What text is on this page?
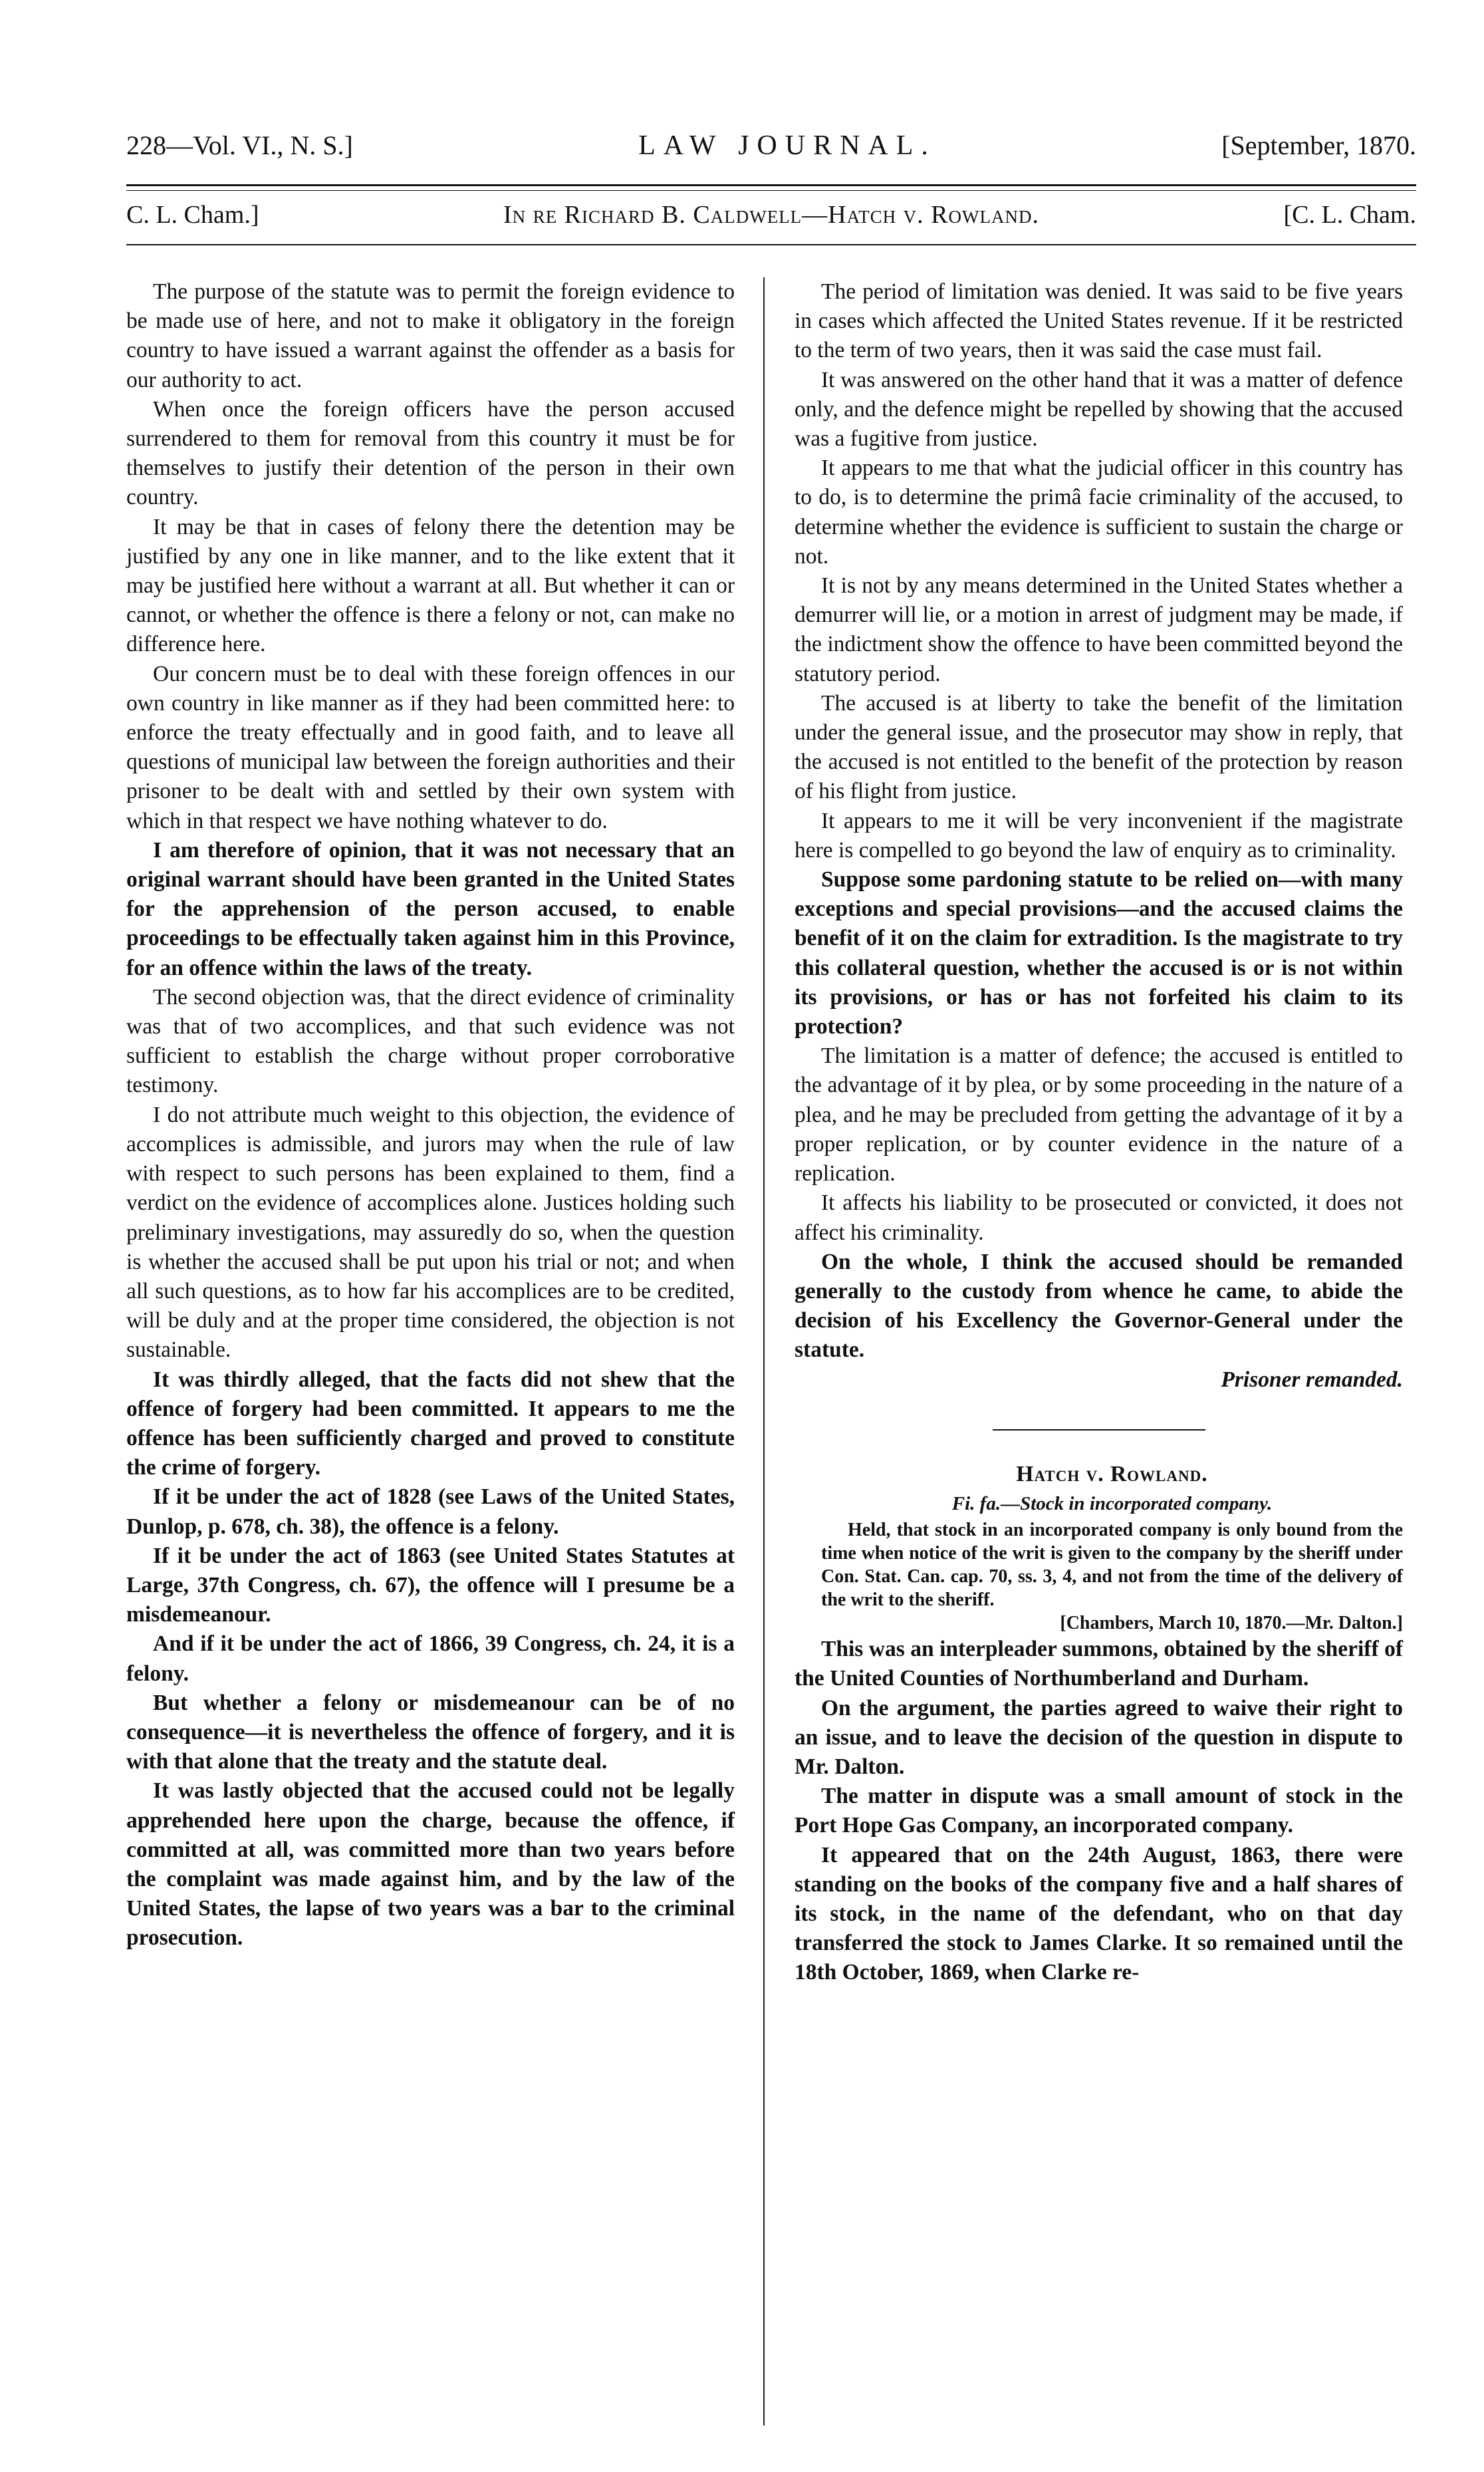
228—Vol. VI., N. S.]	LAW JOURNAL.	[September, 1870.
C. L. Cham.]	In re Richard B. Caldwell—Hatch v. Rowland.	[C. L. Cham.

The purpose of the statute was to permit the foreign evidence to be made use of here, and not to make it obligatory in the foreign country to have issued a warrant against the offender as a basis for our authority to act.

When once the foreign officers have the person accused surrendered to them for removal from this country it must be for themselves to justify their detention of the person in their own country.

It may be that in cases of felony there the detention may be justified by any one in like manner, and to the like extent that it may be justified here without a warrant at all. But whether it can or cannot, or whether the offence is there a felony or not, can make no difference here.

Our concern must be to deal with these foreign offences in our own country in like manner as if they had been committed here: to enforce the treaty effectually and in good faith, and to leave all questions of municipal law between the foreign authorities and their prisoner to be dealt with and settled by their own system with which in that respect we have nothing whatever to do.

I am therefore of opinion, that it was not necessary that an original warrant should have been granted in the United States for the apprehension of the person accused, to enable proceedings to be effectually taken against him in this Province, for an offence within the laws of the treaty.

The second objection was, that the direct evidence of criminality was that of two accomplices, and that such evidence was not sufficient to establish the charge without proper corroborative testimony.

I do not attribute much weight to this objection, the evidence of accomplices is admissible, and jurors may when the rule of law with respect to such persons has been explained to them, find a verdict on the evidence of accomplices alone. Justices holding such preliminary investigations, may assuredly do so, when the question is whether the accused shall be put upon his trial or not; and when all such questions, as to how far his accomplices are to be credited, will be duly and at the proper time considered, the objection is not sustainable.

It was thirdly alleged, that the facts did not shew that the offence of forgery had been committed. It appears to me the offence has been sufficiently charged and proved to constitute the crime of forgery.

If it be under the act of 1828 (see Laws of the United States, Dunlop, p. 678, ch. 38), the offence is a felony.

If it be under the act of 1863 (see United States Statutes at Large, 37th Congress, ch. 67), the offence will I presume be a misdemeanour.

And if it be under the act of 1866, 39 Congress, ch. 24, it is a felony.

But whether a felony or misdemeanour can be of no consequence—it is nevertheless the offence of forgery, and it is with that alone that the treaty and the statute deal.

It was lastly objected that the accused could not be legally apprehended here upon the charge, because the offence, if committed at all, was committed more than two years before the complaint was made against him, and by the law of the United States, the lapse of two years was a bar to the criminal prosecution.

The period of limitation was denied. It was said to be five years in cases which affected the United States revenue. If it be restricted to the term of two years, then it was said the case must fail.

It was answered on the other hand that it was a matter of defence only, and the defence might be repelled by showing that the accused was a fugitive from justice.

It appears to me that what the judicial officer in this country has to do, is to determine the primâ facie criminality of the accused, to determine whether the evidence is sufficient to sustain the charge or not.

It is not by any means determined in the United States whether a demurrer will lie, or a motion in arrest of judgment may be made, if the indictment show the offence to have been committed beyond the statutory period.

The accused is at liberty to take the benefit of the limitation under the general issue, and the prosecutor may show in reply, that the accused is not entitled to the benefit of the protection by reason of his flight from justice.

It appears to me it will be very inconvenient if the magistrate here is compelled to go beyond the law of enquiry as to criminality.

Suppose some pardoning statute to be relied on—with many exceptions and special provisions—and the accused claims the benefit of it on the claim for extradition. Is the magistrate to try this collateral question, whether the accused is or is not within its provisions, or has or has not forfeited his claim to its protection?

The limitation is a matter of defence; the accused is entitled to the advantage of it by plea, or by some proceeding in the nature of a plea, and he may be precluded from getting the advantage of it by a proper replication, or by counter evidence in the nature of a replication.

It affects his liability to be prosecuted or convicted, it does not affect his criminality.

On the whole, I think the accused should be remanded generally to the custody from whence he came, to abide the decision of his Excellency the Governor-General under the statute.

Prisoner remanded.

Hatch v. Rowland.

Fi. fa.—Stock in incorporated company.

Held, that stock in an incorporated company is only bound from the time when notice of the writ is given to the company by the sheriff under Con. Stat. Can. cap. 70, ss. 3, 4, and not from the time of the delivery of the writ to the sheriff.

[Chambers, March 10, 1870.—Mr. Dalton.]

This was an interpleader summons, obtained by the sheriff of the United Counties of Northumberland and Durham.

On the argument, the parties agreed to waive their right to an issue, and to leave the decision of the question in dispute to Mr. Dalton.

The matter in dispute was a small amount of stock in the Port Hope Gas Company, an incorporated company.

It appeared that on the 24th August, 1863, there were standing on the books of the company five and a half shares of its stock, in the name of the defendant, who on that day transferred the stock to James Clarke. It so remained until the 18th October, 1869, when Clarke re-
